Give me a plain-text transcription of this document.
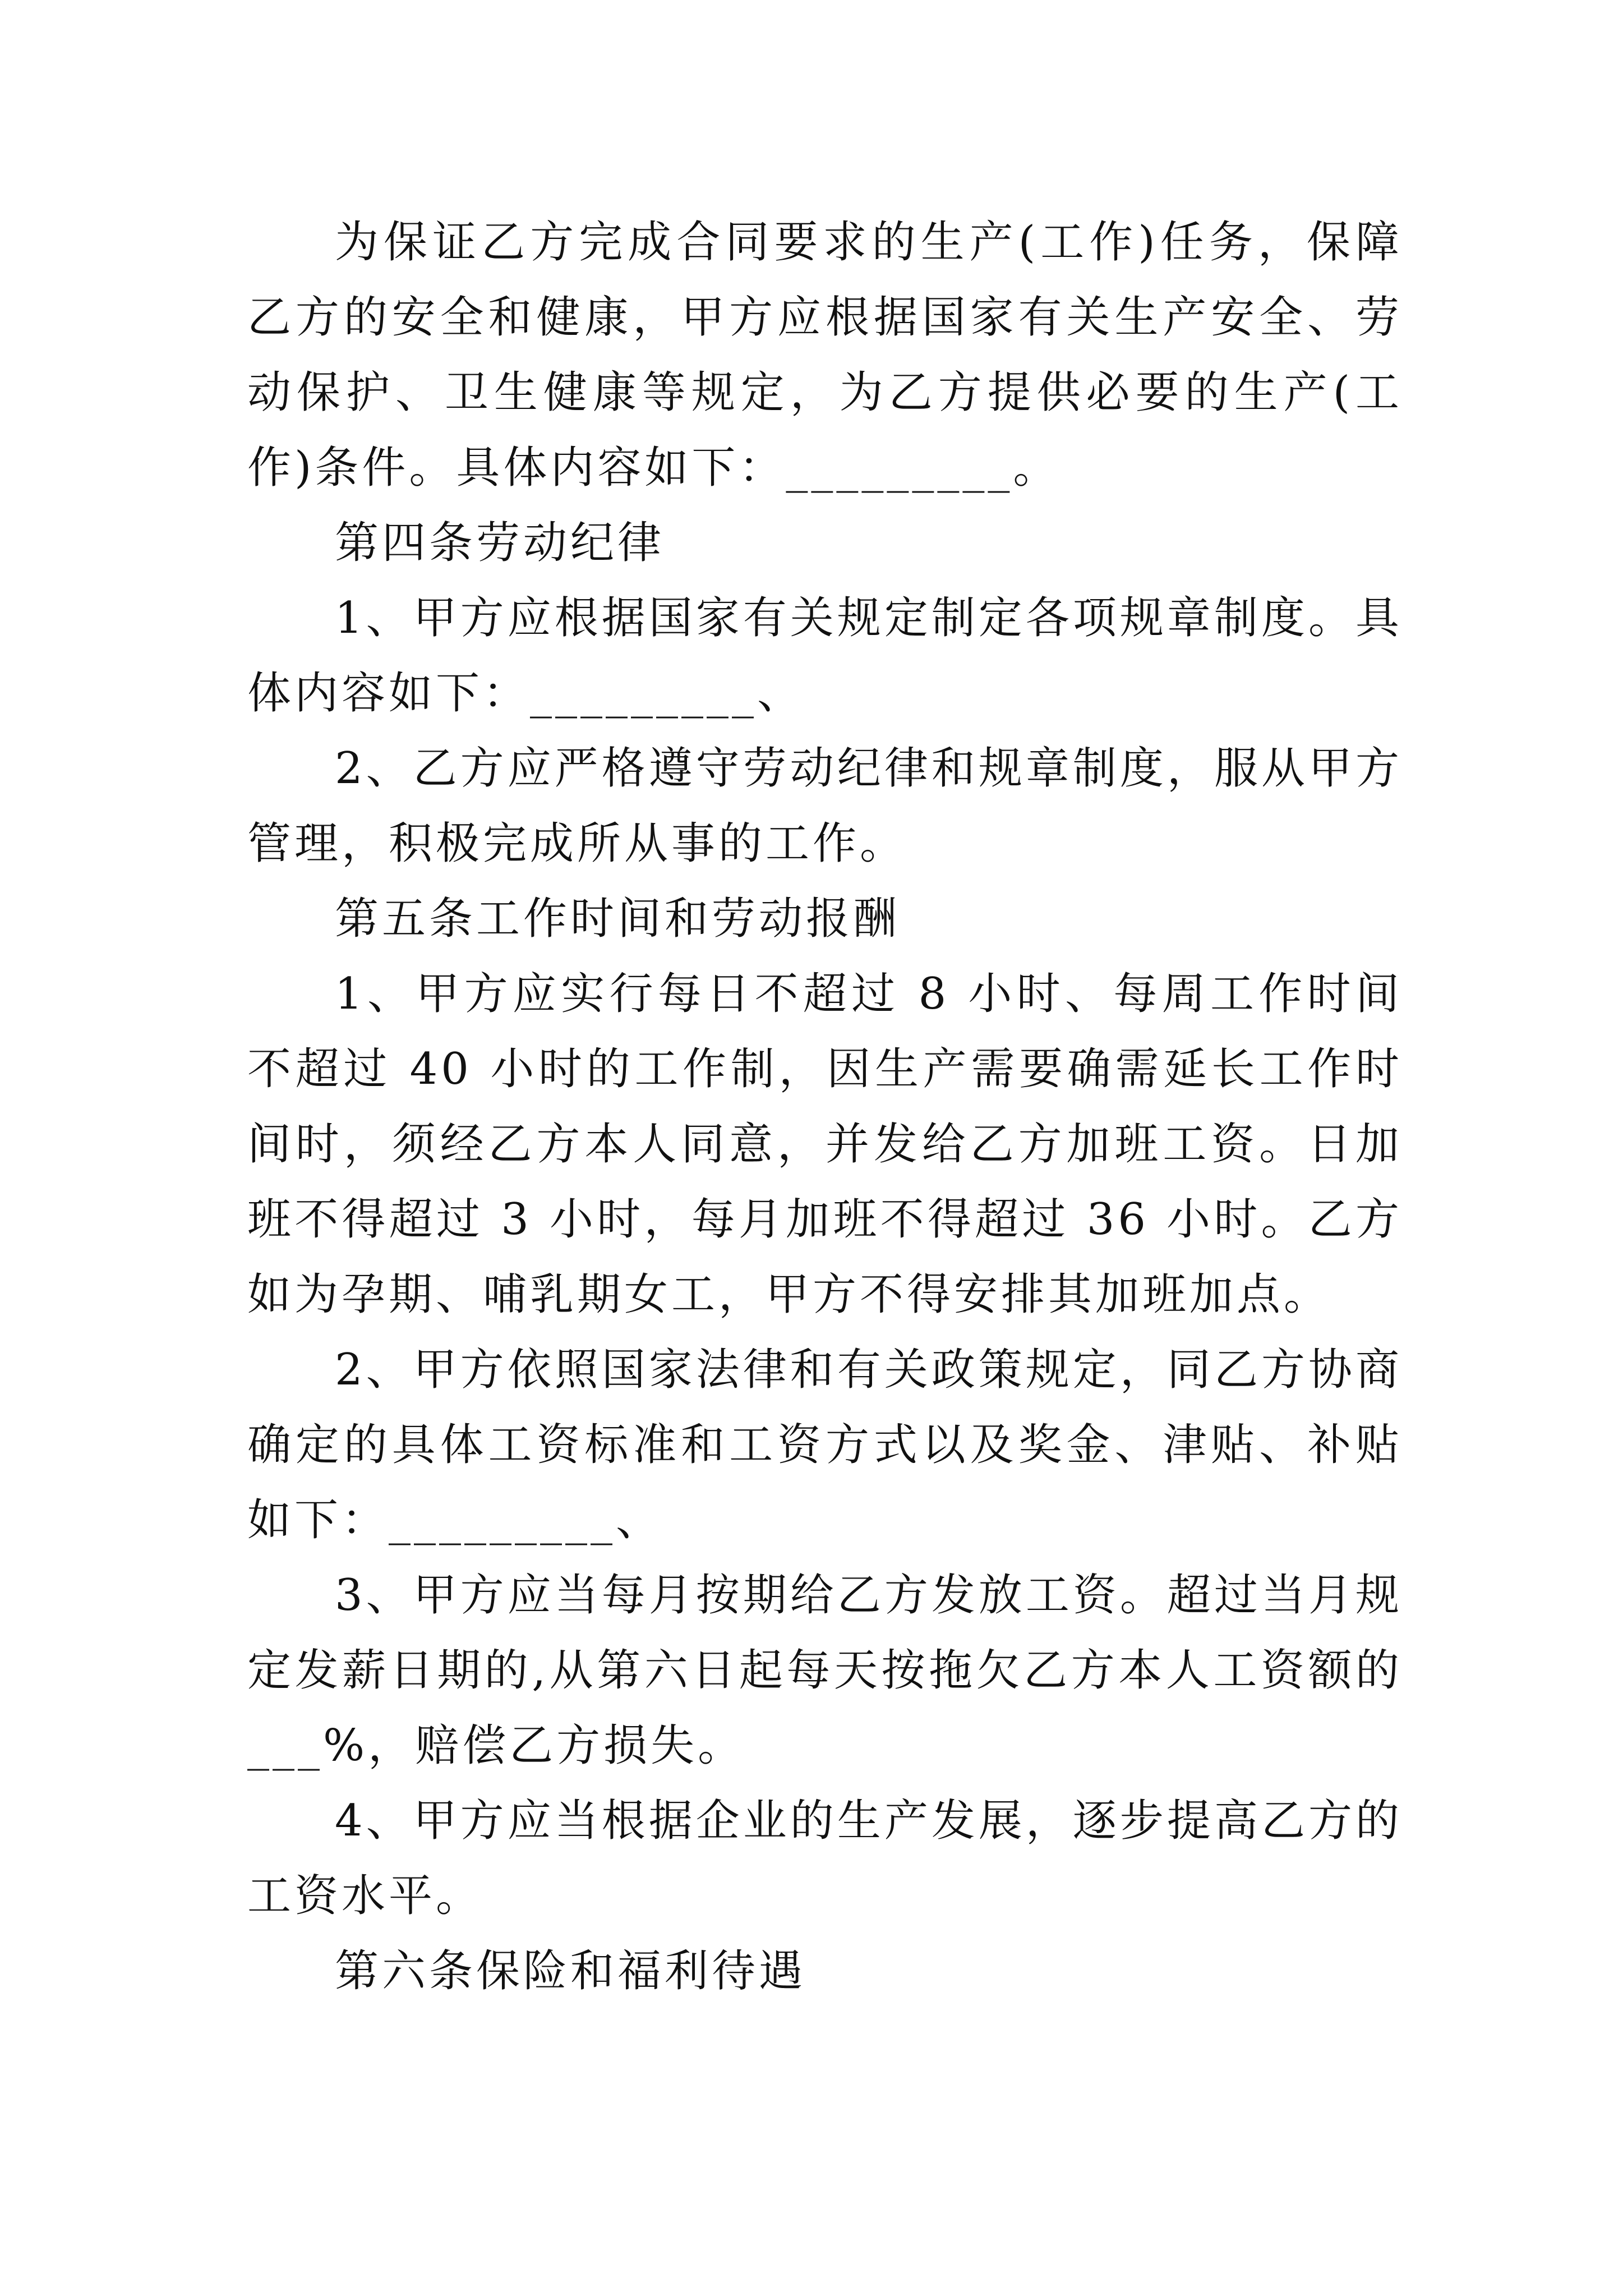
为保证乙方完成合同要求的生产(工作)任务，保障乙方的安全和健康，甲方应根据国家有关生产安全、劳动保护、卫生健康等规定，为乙方提供必要的生产(工作)条件。具体内容如下：_________。

第四条劳动纪律

1、甲方应根据国家有关规定制定各项规章制度。具体内容如下：_________、

2、乙方应严格遵守劳动纪律和规章制度，服从甲方管理，积极完成所从事的工作。

第五条工作时间和劳动报酬

1、甲方应实行每日不超过 8 小时、每周工作时间不超过 40 小时的工作制，因生产需要确需延长工作时间时，须经乙方本人同意，并发给乙方加班工资。日加班不得超过 3 小时，每月加班不得超过 36 小时。乙方如为孕期、哺乳期女工，甲方不得安排其加班加点。

2、甲方依照国家法律和有关政策规定，同乙方协商确定的具体工资标准和工资方式以及奖金、津贴、补贴如下：_________、

3、甲方应当每月按期给乙方发放工资。超过当月规定发薪日期的,从第六日起每天按拖欠乙方本人工资额的___%，赔偿乙方损失。

4、甲方应当根据企业的生产发展，逐步提高乙方的工资水平。

第六条保险和福利待遇
